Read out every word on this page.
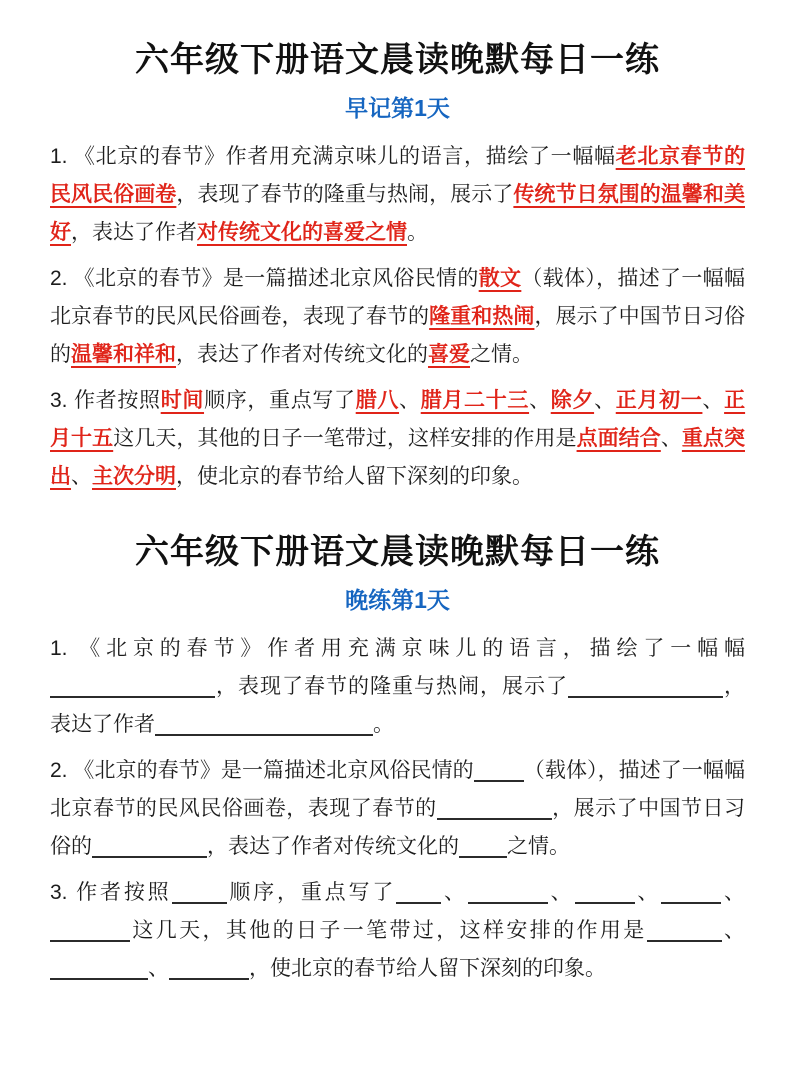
六年级下册语文晨读晚默每日一练
早记第1天

1. 《北京的春节》作者用充满京味儿的语言，描绘了一幅幅老北京春节的民风民俗画卷，表现了春节的隆重与热闹，展示了传统节日氛围的温馨和美好，表达了作者对传统文化的喜爱之情。

2. 《北京的春节》是一篇描述北京风俗民情的散文（载体），描述了一幅幅北京春节的民风民俗画卷，表现了春节的隆重和热闹，展示了中国节日习俗的温馨和祥和，表达了作者对传统文化的喜爱之情。

3. 作者按照时间顺序，重点写了腊八、腊月二十三、除夕、正月初一、正月十五这几天，其他的日子一笔带过，这样安排的作用是点面结合、重点突出、主次分明，使北京的春节给人留下深刻的印象。

六年级下册语文晨读晚默每日一练
晚练第1天

1. 《北京的春节》作者用充满京味儿的语言，描绘了一幅幅，表现了春节的隆重与热闹，展示了	，表达了作者	。

2. 《北京的春节》是一篇描述北京风俗民情的 （载体），描述了一幅幅北京春节的民风民俗画卷，表现了春节的	，展示了中国节日习俗的	，表达了作者对传统文化的 之情。

3. 作者按照	顺序，重点写了 、	、	、	、这几天，其他的日子一笔带过，这样安排的作用是	、、	，使北京的春节给人留下深刻的印象。
